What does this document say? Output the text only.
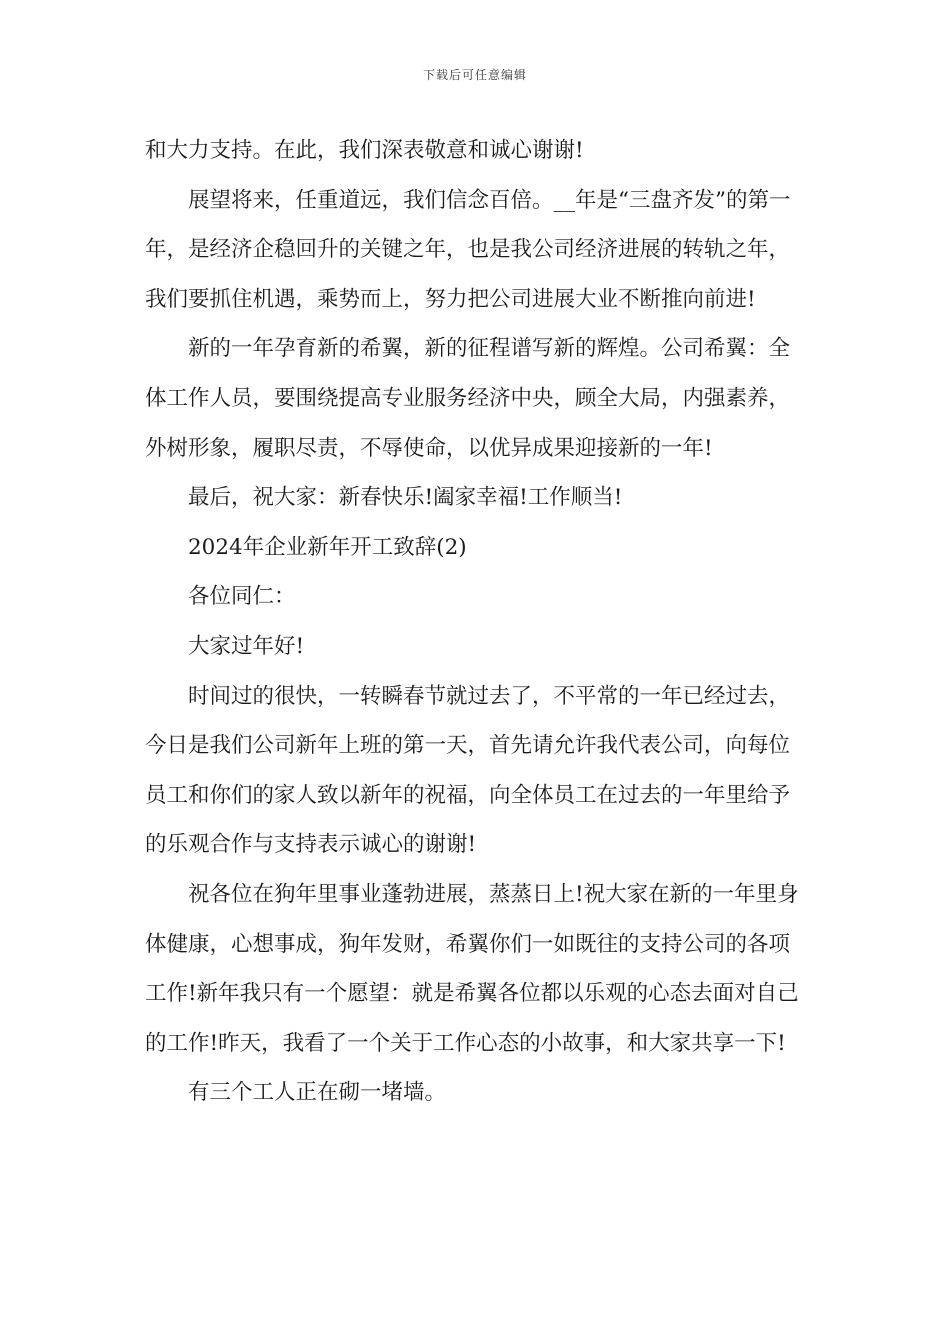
下载后可任意编辑

和大力支持。在此，我们深表敬意和诚心谢谢!

展望将来，任重道远，我们信念百倍。__年是“三盘齐发”的第一年，是经济企稳回升的关键之年，也是我公司经济进展的转轨之年，我们要抓住机遇，乘势而上，努力把公司进展大业不断推向前进!

新的一年孕育新的希翼，新的征程谱写新的辉煌。公司希翼：全体工作人员，要围绕提高专业服务经济中央，顾全大局，内强素养，外树形象，履职尽责，不辱使命，以优异成果迎接新的一年!

最后，祝大家：新春快乐!阖家幸福!工作顺当!

2024年企业新年开工致辞(2)

各位同仁：

大家过年好!

时间过的很快，一转瞬春节就过去了，不平常的一年已经过去，今日是我们公司新年上班的第一天，首先请允许我代表公司，向每位员工和你们的家人致以新年的祝福，向全体员工在过去的一年里给予的乐观合作与支持表示诚心的谢谢!

祝各位在狗年里事业蓬勃进展，蒸蒸日上!祝大家在新的一年里身体健康，心想事成，狗年发财，希翼你们一如既往的支持公司的各项工作!新年我只有一个愿望：就是希翼各位都以乐观的心态去面对自己的工作!昨天，我看了一个关于工作心态的小故事，和大家共享一下!

有三个工人正在砌一堵墙。
